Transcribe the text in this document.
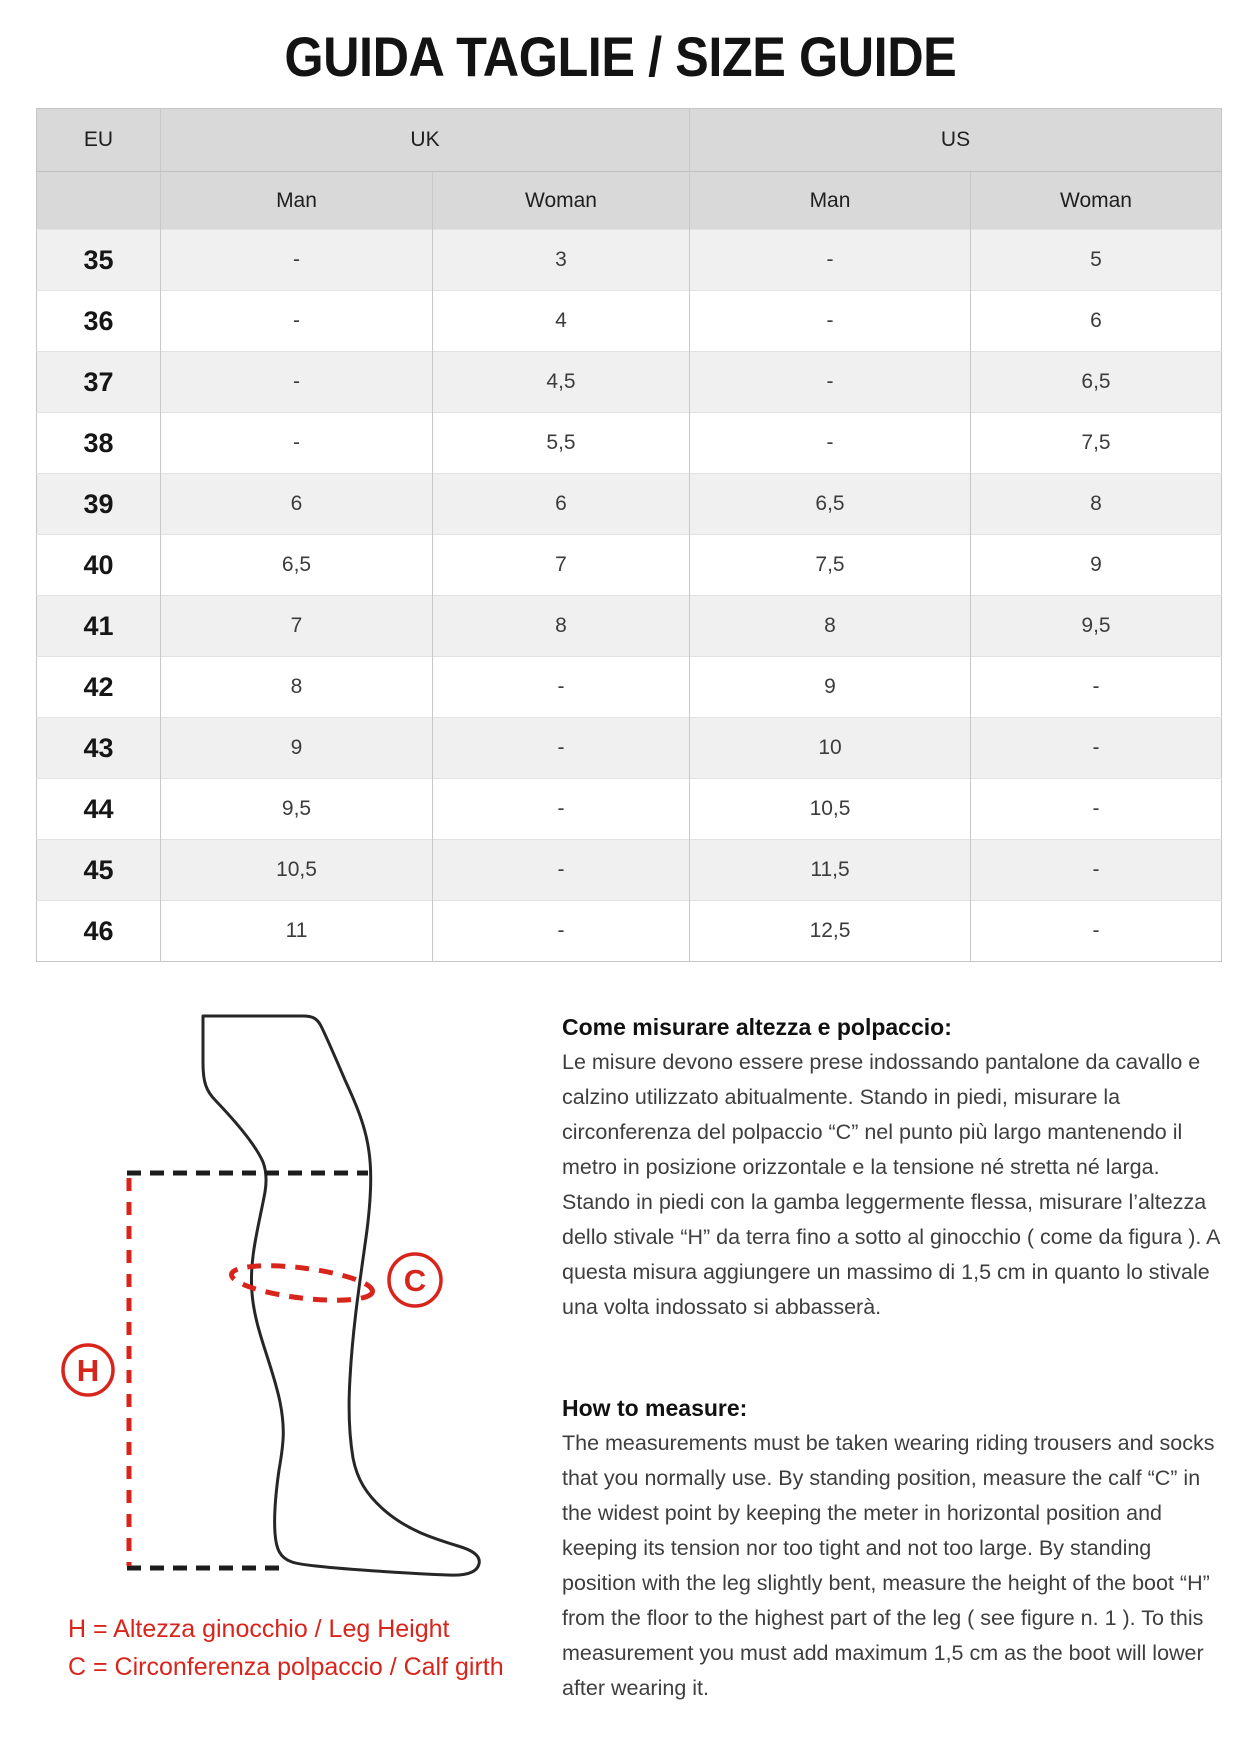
GUIDA TAGLIE / SIZE GUIDE
EU	UK		US	
	Man	Woman	Man	Woman
35	-	3	-	5
36	-	4	-	6
37	-	4,5	-	6,5
38	-	5,5	-	7,5
39	6	6	6,5	8
40	6,5	7	7,5	9
41	7	8	8	9,5
42	8	-	9	-
43	9	-	10	-
44	9,5	-	10,5	-
45	10,5	-	11,5	-
46	11	-	12,5	-
H
C
H = Altezza ginocchio / Leg Height
C = Circonferenza polpaccio / Calf girth
Come misurare altezza e polpaccio:

Le misure devono essere prese indossando pantalone da cavallo e calzino utilizzato abitualmente. Stando in piedi, misurare la circonferenza del polpaccio “C” nel punto più largo mantenendo il metro in posizione orizzontale e la tensione né stretta né larga. Stando in piedi con la gamba leggermente flessa, misurare l’altezza dello stivale “H” da terra fino a sotto al ginocchio ( come da figura ). A questa misura aggiungere un massimo di 1,5 cm in quanto lo stivale una volta indossato si abbasserà.

How to measure:

The measurements must be taken wearing riding trousers and socks that you normally use. By standing position, measure the calf “C” in the widest point by keeping the meter in horizontal position and keeping its tension nor too tight and not too large. By standing position with the leg slightly bent, measure the height of the boot “H” from the floor to the highest part of the leg ( see figure n. 1 ). To this measurement you must add maximum 1,5 cm as the boot will lower after wearing it.
